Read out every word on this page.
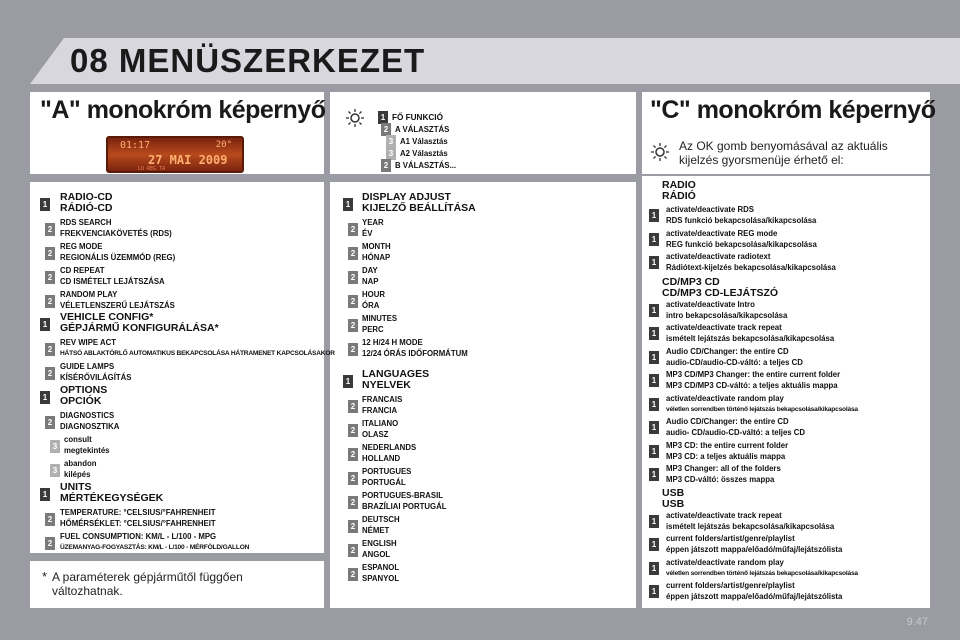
08 MENÜSZERKEZET
"A" monokróm képernyő	"C" monokróm képernyő
01:17	20°
27 MAI 2009
LU REG TA
1 FŐ FUNKCIÓ
2 A VÁLASZTÁS
3 A1 Választás
3 A2 Választás
2 B VÁLASZTÁS...
1
RADIO-CD
RÁDIÓ-CD
2
RDS SEARCH
FREKVENCIAKÖVETÉS (RDS)
2
REG MODE
REGIONÁLIS ÜZEMMÓD (REG)
2
CD REPEAT
CD ISMÉTELT LEJÁTSZÁSA
2
RANDOM PLAY
VÉLETLENSZERŰ LEJÁTSZÁS
1
VEHICLE CONFIG*
GÉPJÁRMŰ KONFIGURÁLÁSA*
2
REV WIPE ACT
HÁTSÓ ABLAKTÖRLŐ AUTOMATIKUS BEKAPCSOLÁSA HÁTRAMENET KAPCSOLÁSAKOR
2
GUIDE LAMPS
KÍSÉRŐVILÁGÍTÁS
1
OPTIONS
OPCIÓK
2
DIAGNOSTICS
DIAGNOSZTIKA
3
consult
megtekintés
3
abandon
kilépés
1
UNITS
MÉRTÉKEGYSÉGEK
2
TEMPERATURE: °CELSIUS/°FAHRENHEIT
HŐMÉRSÉKLET: °CELSIUS/°FAHRENHEIT
2
FUEL CONSUMPTION: KM/L - L/100 - MPG
ÜZEMANYAG-FOGYASZTÁS: KM/L - L/100 - MÉRFÖLD/GALLON
1
DISPLAY ADJUST
KIJELZŐ BEÁLLÍTÁSA
2
YEAR
ÉV
2
MONTH
HÓNAP
2
DAY
NAP
2
HOUR
ÓRA
2
MINUTES
PERC
2
12 H/24 H MODE
12/24 ÓRÁS IDŐFORMÁTUM
1
LANGUAGES
NYELVEK
2
FRANCAIS
FRANCIA
2
ITALIANO
OLASZ
2
NEDERLANDS
HOLLAND
2
PORTUGUES
PORTUGÁL
2
PORTUGUES-BRASIL
BRAZÍLIAI PORTUGÁL
2
DEUTSCH
NÉMET
2
ENGLISH
ANGOL
2
ESPANOL
SPANYOL
RADIO
RÁDIÓ
1
activate/deactivate RDS
RDS funkció bekapcsolása/kikapcsolása
1
activate/deactivate REG mode
REG funkció bekapcsolása/kikapcsolása
1
activate/deactivate radiotext
Rádiótext-kijelzés bekapcsolása/kikapcsolása
CD/MP3 CD
CD/MP3 CD-LEJÁTSZÓ
1
activate/deactivate Intro
intro bekapcsolása/kikapcsolása
1
activate/deactivate track repeat
ismételt lejátszás bekapcsolása/kikapcsolása
1
Audio CD/Changer: the entire CD
audio-CD/audio-CD-váltó: a teljes CD
1
MP3 CD/MP3 Changer: the entire current folder
MP3 CD/MP3 CD-váltó: a teljes aktuális mappa
1
activate/deactivate random play
véletlen sorrendben történő lejátszás bekapcsolása/kikapcsolása
1
Audio CD/Changer: the entire CD
audio- CD/audio-CD-váltó: a teljes CD
1
MP3 CD: the entire current folder
MP3 CD: a teljes aktuális mappa
1
MP3 Changer: all of the folders
MP3 CD-váltó: összes mappa
USB
USB
1
activate/deactivate track repeat
ismételt lejátszás bekapcsolása/kikapcsolása
1
current folders/artist/genre/playlist
éppen játszott mappa/előadó/műfaj/lejátszólista
1
activate/deactivate random play
véletlen sorrendben történő lejátszás bekapcsolása/kikapcsolása
1
current folders/artist/genre/playlist
éppen játszott mappa/előadó/műfaj/lejátszólista
* A paraméterek gépjárműtől függően
változhatnak.
Az OK gomb benyomásával az aktuális
kijelzés gyorsmenüje érhető el:
9.47
